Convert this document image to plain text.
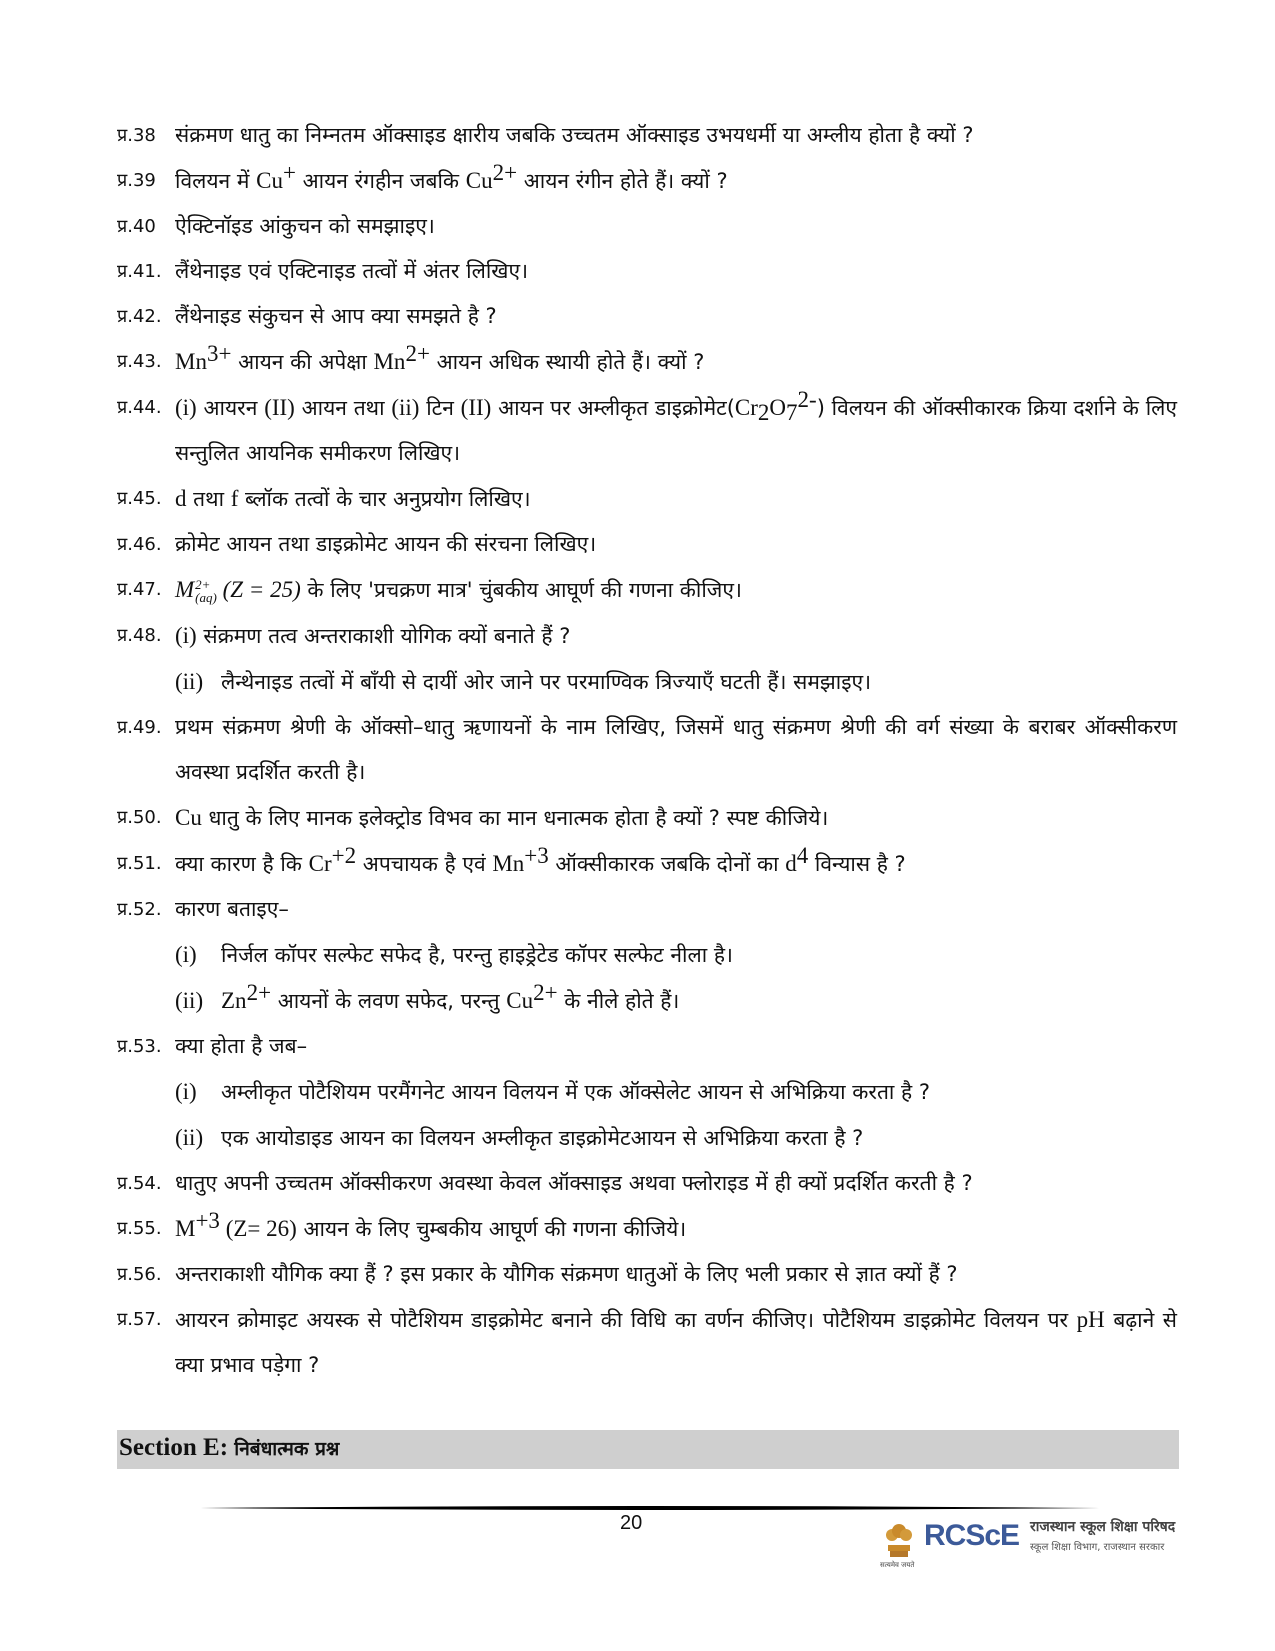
प्र.38 संक्रमण धातु का निम्नतम ऑक्साइड क्षारीय जबकि उच्चतम ऑक्साइड उभयधर्मी या अम्लीय होता है क्यों ?
प्र.39 विलयन में Cu+ आयन रंगहीन जबकि $Cu^{2+}$ आयन रंगीन होते हैं। क्यों ?
प्र.40 ऐक्टिनॉइड आंकुचन को समझाइए।
प्र.41. लैंथेनाइड एवं एक्टिनाइड तत्वों में अंतर लिखिए।
प्र.42. लैंथेनाइड संकुचन से आप क्या समझते है ?
प्र.43. $Mn^{3+}$ आयन की अपेक्षा $Mn^{2+}$ आयन अधिक स्थायी होते हैं। क्यों ?
प्र.44. (i) आयरन (II) आयन तथा (ii) टिन (II) आयन पर अम्लीकृत $डाइक्रोमेट(Cr_2O_7^{2-})$ विलयन की ऑक्सीकारक क्रिया दर्शाने के लिए सन्तुलित आयनिक समीकरण लिखिए।
प्र.45. d तथा f ब्लॉक तत्वों के चार अनुप्रयोग लिखिए।
प्र.46. क्रोमेट आयन तथा डाइक्रोमेट आयन की संरचना लिखिए।
प्र.47. M 2+
(aq) (Z = 25) के लिए 'प्रचक्रण मात्र' चुंबकीय आघूर्ण की गणना कीजिए।
प्र.48. (i) संक्रमण तत्व अन्तराकाशी योगिक क्यों बनाते हैं ?
(ii) लैन्थेनाइड तत्वों में बाँयी से दायीं ओर जाने पर परमाण्विक त्रिज्याएँ घटती हैं। समझाइए।
प्र.49. प्रथम संक्रमण श्रेणी के ऑक्सो–धातु ऋणायनों के नाम लिखिए, जिसमें धातु संक्रमण श्रेणी की वर्ग संख्या के बराबर ऑक्सीकरण अवस्था प्रदर्शित करती है।
प्र.50. Cu धातु के लिए मानक इलेक्ट्रोड विभव का मान धनात्मक होता है क्यों ? स्पष्ट कीजिये।
प्र.51. क्या कारण है कि $Cr^{+2}$ अपचायक है एवं $Mn^{+3}$ ऑक्सीकारक जबकि दोनों का $d^4$ विन्यास है ?
प्र.52. कारण बताइए–
(i) निर्जल कॉपर सल्फेट सफेद है, परन्तु हाइड्रेटेड कॉपर सल्फेट नीला है।
(ii) $Zn^{2+}$ आयनों के लवण सफेद, परन्तु $Cu^{2+}$ के नीले होते हैं।
प्र.53. क्या होता है जब–
(i) अम्लीकृत पोटैशियम परमैंगनेट आयन विलयन में एक ऑक्सेलेट आयन से अभिक्रिया करता है ?
(ii) एक आयोडाइड आयन का विलयन अम्लीकृत डाइक्रोमेटआयन से अभिक्रिया करता है ?
प्र.54. धातुए अपनी उच्चतम ऑक्सीकरण अवस्था केवल ऑक्साइड अथवा फ्लोराइड में ही क्यों प्रदर्शित करती है ?
प्र.55. $M^{+3}$ (Z= 26) आयन के लिए चुम्बकीय आघूर्ण की गणना कीजिये।
प्र.56. अन्तराकाशी यौगिक क्या हैं ? इस प्रकार के यौगिक संक्रमण धातुओं के लिए भली प्रकार से ज्ञात क्यों हैं ?
प्र.57. आयरन क्रोमाइट अयस्क से पोटैशियम डाइक्रोमेट बनाने की विधि का वर्णन कीजिए। पोटैशियम डाइक्रोमेट विलयन पर pH बढ़ाने से क्या प्रभाव पड़ेगा ?
Section E: निबंधात्मक प्रश्न
20
सत्यमेव जयते
RCScE राजस्थान स्कूल शिक्षा परिषद
स्कूल शिक्षा विभाग, राजस्थान सरकार
